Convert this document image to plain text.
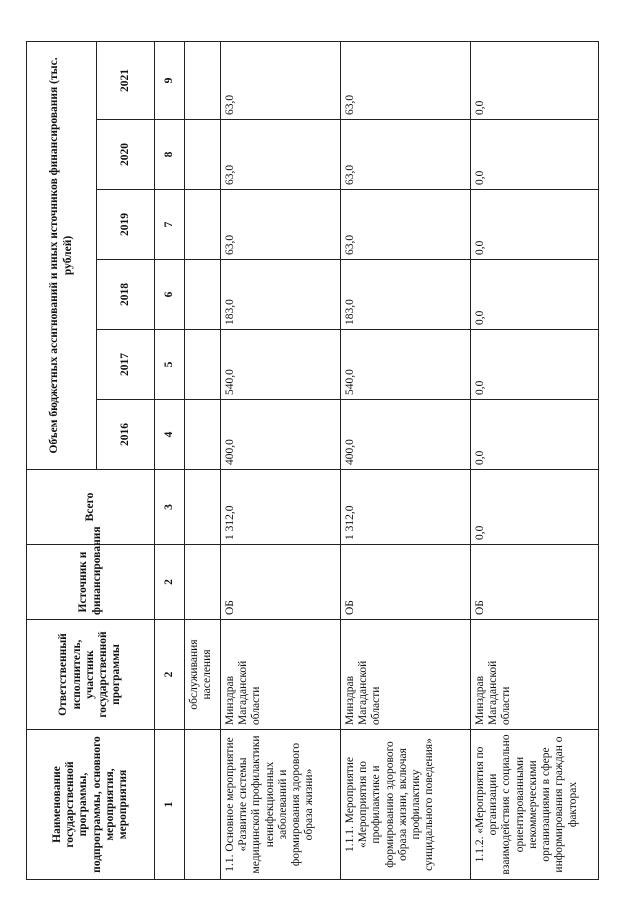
Наименование государственной программы, подпрограммы, основного мероприятия, мероприятия	Ответственный исполнитель, участник государственной программы	Источник и финансирования	Всего	Объем бюджетных ассигнований и иных источников финансирования (тыс. рублей)					
				2016	2017	2018	2019	2020	2021
1	2	2	3	4	5	6	7	8	9
	обслуживания населения								
1.1. Основное мероприятие «Развитие системы медицинской профилактики неинфекционных заболеваний и формирования здорового образа жизни»	Минздрав Магаданской области	ОБ	1 312,0	400,0	540,0	183,0	63,0	63,0	63,0
1.1.1. Мероприятие «Мероприятия по профилактике и формированию здорового образа жизни, включая профилактику суицидального поведения»	Минздрав Магаданской области	ОБ	1 312,0	400,0	540,0	183,0	63,0	63,0	63,0
1.1.2. «Мероприятия по организации взаимодействия с социально ориентированными некоммерческими организациями в сфере информирования граждан о факторах	Минздрав Магаданской области	ОБ	0,0	0,0	0,0	0,0	0,0	0,0	0,0
